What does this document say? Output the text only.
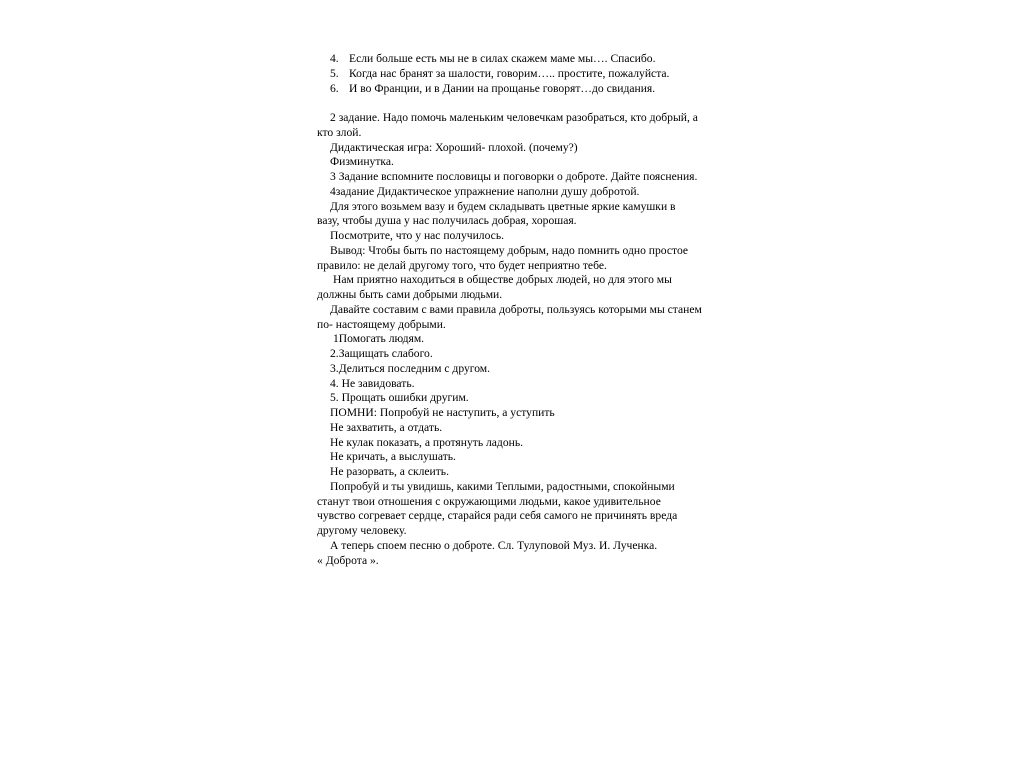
4. Если больше есть мы не в силах скажем маме мы…. Спасибо.
5. Когда нас бранят за шалости, говорим….. простите, пожалуйста.
6. И во Франции, и в Дании на прощанье говорят…до свидания.
2 задание. Надо помочь маленьким человечкам разобраться, кто добрый, а
кто злой.
Дидактическая игра: Хороший- плохой. (почему?)
Физминутка.
3 Задание вспомните пословицы и поговорки о доброте. Дайте пояснения.
4задание Дидактическое упражнение наполни душу добротой.
Для этого возьмем вазу и будем складывать цветные яркие камушки в
вазу, чтобы душа у нас получилась добрая, хорошая.
Посмотрите, что у нас получилось.
Вывод: Чтобы быть по настоящему добрым, надо помнить одно простое
правило: не делай другому того, что будет неприятно тебе.
Нам приятно находиться в обществе добрых людей, но для этого мы
должны быть сами добрыми людьми.
Давайте составим с вами правила доброты, пользуясь которыми мы станем
по- настоящему добрыми.
1Помогать людям.
2.Защищать слабого.
3.Делиться последним с другом.
4. Не завидовать.
5. Прощать ошибки другим.
ПОМНИ: Попробуй не наступить, а уступить
Не захватить, а отдать.
Не кулак показать, а протянуть ладонь.
Не кричать, а выслушать.
Не разорвать, а склеить.
Попробуй и ты увидишь, какими Теплыми, радостными, спокойными
станут твои отношения с окружающими людьми, какое удивительное
чувство согревает сердце, старайся ради себя самого не причинять вреда
другому человеку.
А теперь споем песню о доброте. Сл. Тулуповой Муз. И. Лученка.
« Доброта ».
